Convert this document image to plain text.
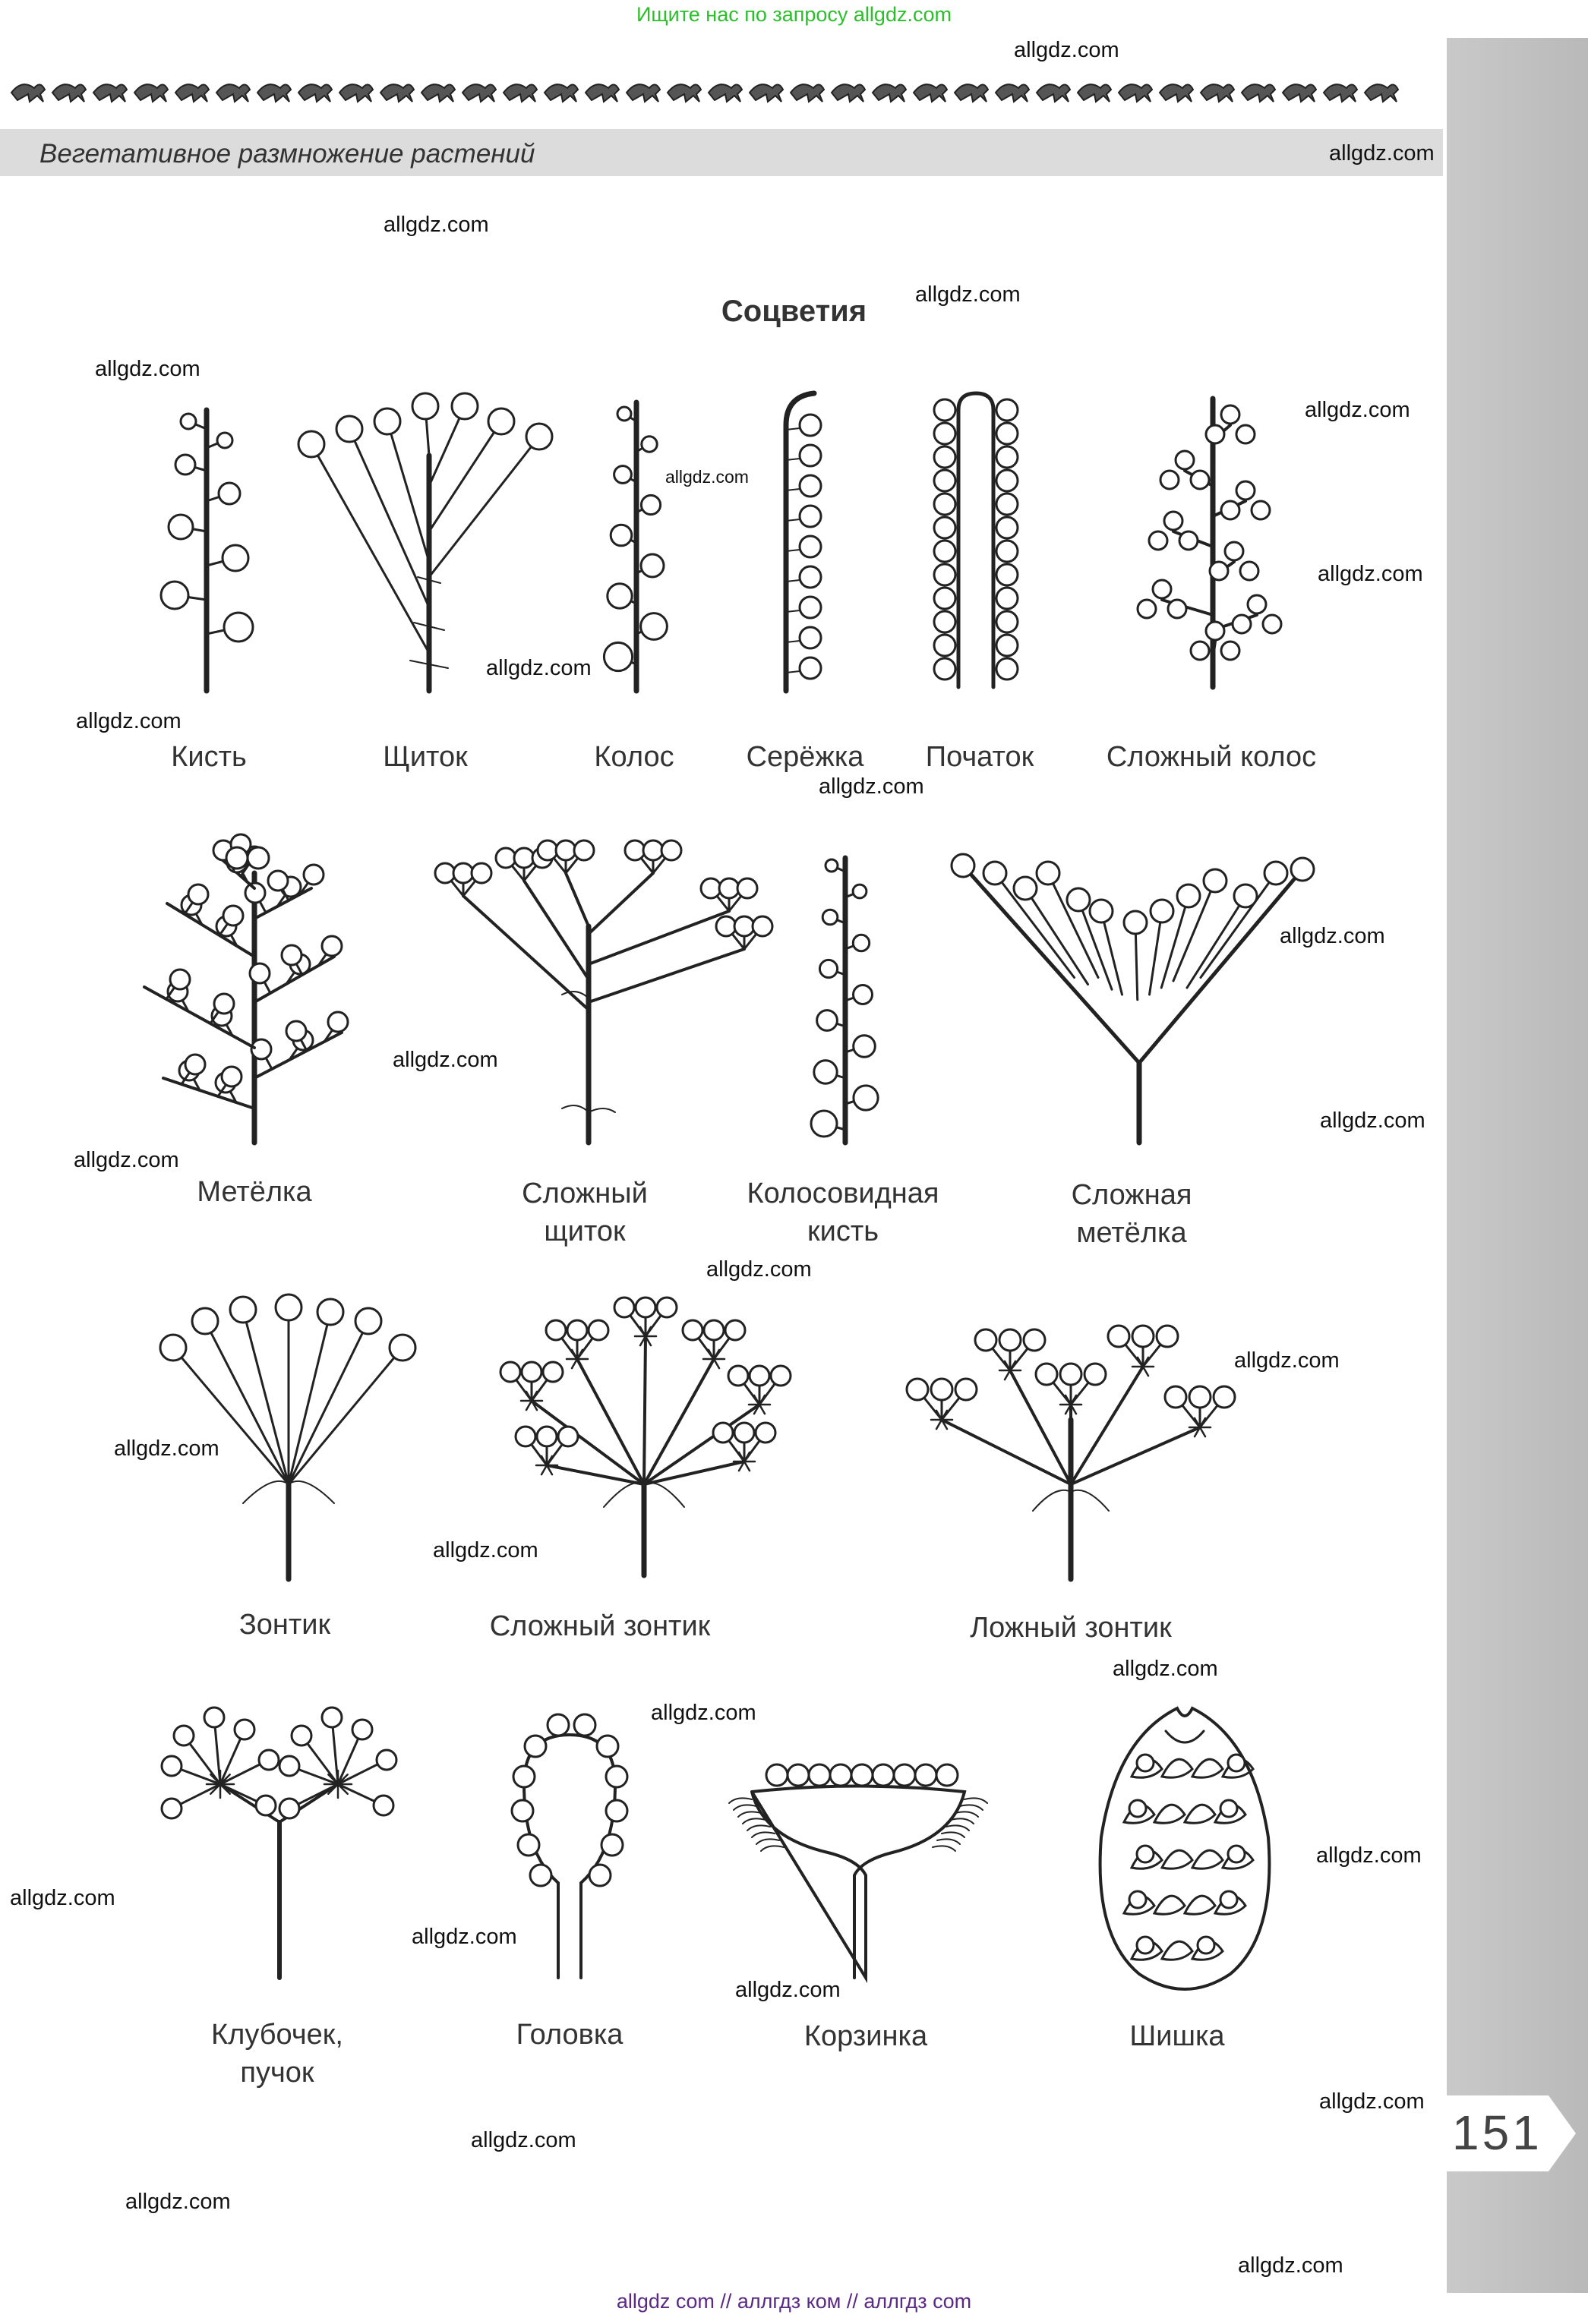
Вегетативное размножение растений
151
Ищите нас по запросу allgdz.com
allgdz com // аллгдз ком // аллгдз com
Соцветия
Кисть	Щиток	Колос	Серёжка	Початок	Сложный колос
Метёлка	Сложный
щиток
Колосовидная
кисть
Сложная
метёлка
Зонтик	Сложный зонтик	Ложный зонтик
Клубочек,
пучок
Головка	Корзинка	Шишка
allgdz.com
allgdz.com
allgdz.com
allgdz.com
allgdz.com
allgdz.com
allgdz.com
allgdz.com
allgdz.com
allgdz.com
allgdz.com
allgdz.com
allgdz.com
allgdz.com
allgdz.com
allgdz.com
allgdz.com
allgdz.com
allgdz.com
allgdz.com
allgdz.com
allgdz.com
allgdz.com
allgdz.com
allgdz.com
allgdz.com
allgdz.com
allgdz.com
allgdz.com
